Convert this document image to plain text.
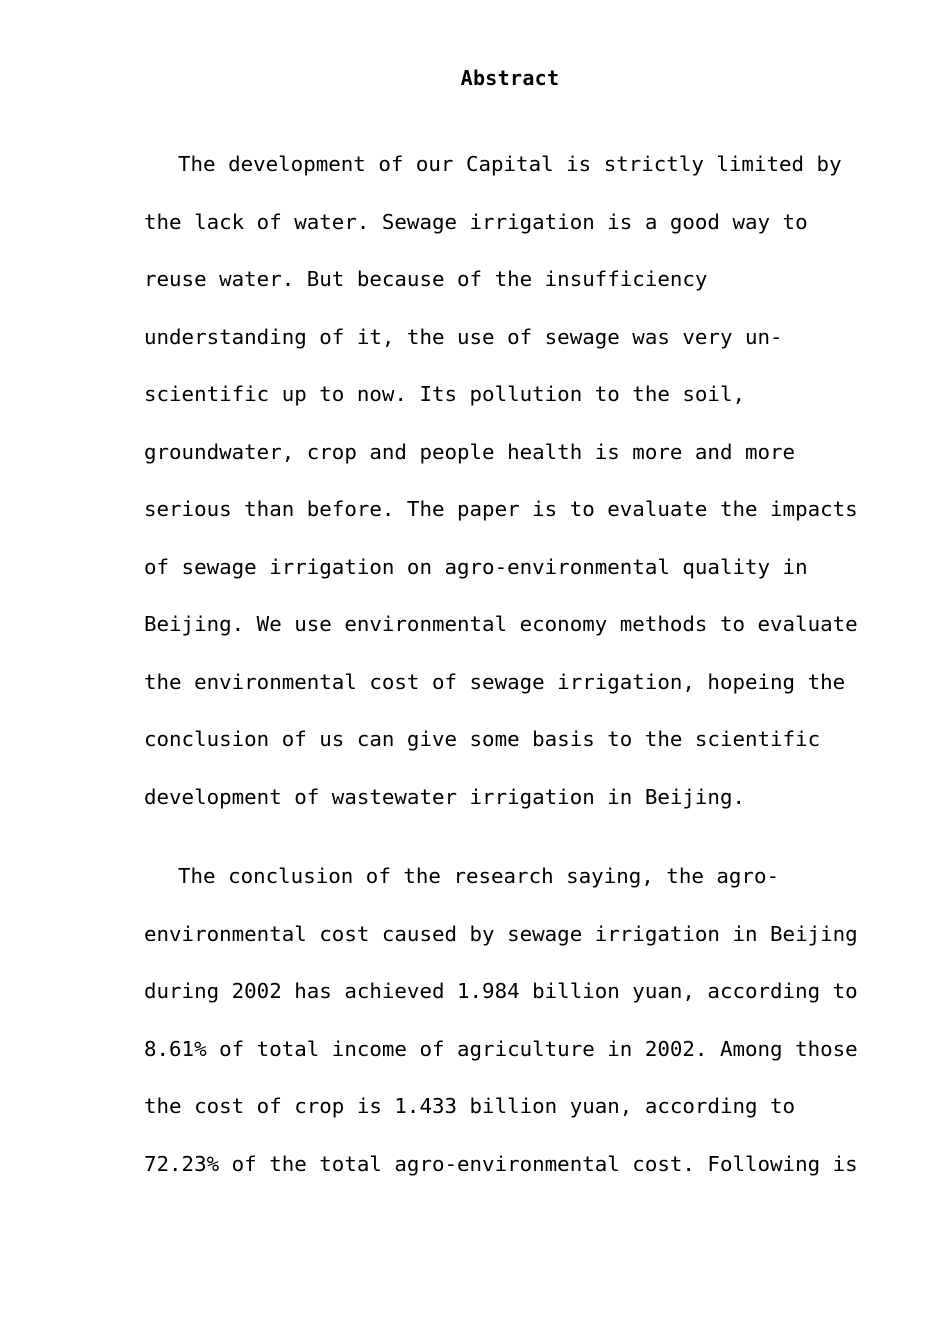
Abstract
The development of our Capital is strictly limited by
the lack of water. Sewage irrigation is a good way to
reuse water. But because of the insufficiency
understanding of it, the use of sewage was very un-
scientific up to now. Its pollution to the soil,
groundwater, crop and people health is more and more
serious than before. The paper is to evaluate the impacts
of sewage irrigation on agro-environmental quality in
Beijing. We use environmental economy methods to evaluate
the environmental cost of sewage irrigation, hopeing the
conclusion of us can give some basis to the scientific
development of wastewater irrigation in Beijing.
The conclusion of the research saying, the agro-
environmental cost caused by sewage irrigation in Beijing
during 2002 has achieved 1.984 billion yuan, according to
8.61% of total income of agriculture in 2002. Among those
the cost of crop is 1.433 billion yuan, according to
72.23% of the total agro-environmental cost. Following is
